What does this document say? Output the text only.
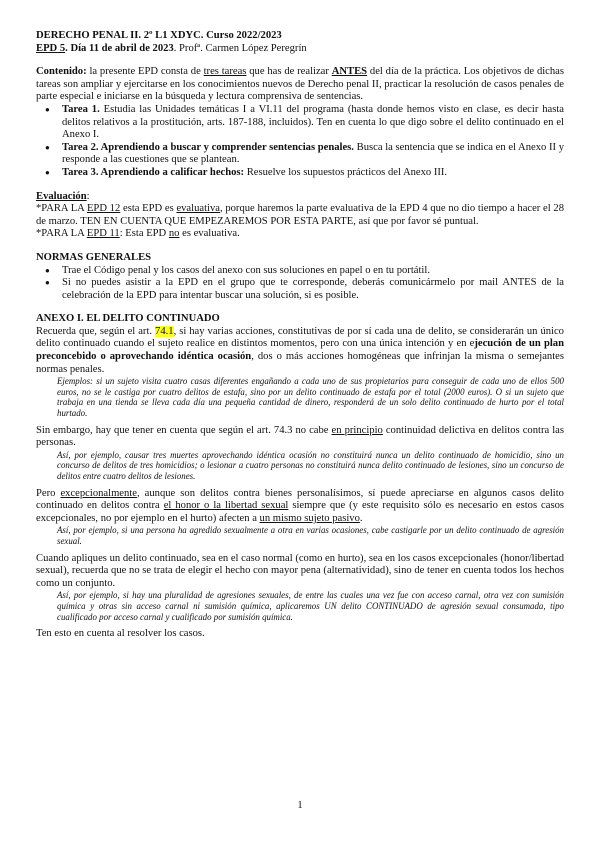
DERECHO PENAL II. 2º L1 XDYC. Curso 2022/2023

EPD 5. Día 11 de abril de 2023. Profª. Carmen López Peregrín

Contenido: la presente EPD consta de tres tareas que has de realizar ANTES del día de la práctica. Los objetivos de dichas tareas son ampliar y ejercitarse en los conocimientos nuevos de Derecho penal II, practicar la resolución de casos penales de parte especial e iniciarse en la búsqueda y lectura comprensiva de sentencias.

● Tarea 1. Estudia las Unidades temáticas I a VI.11 del programa (hasta donde hemos visto en clase, es decir hasta delitos relativos a la prostitución, arts. 187-188, incluidos). Ten en cuenta lo que digo sobre el delito continuado en el Anexo I.
● Tarea 2. Aprendiendo a buscar y comprender sentencias penales. Busca la sentencia que se indica en el Anexo II y responde a las cuestiones que se plantean.
● Tarea 3. Aprendiendo a calificar hechos: Resuelve los supuestos prácticos del Anexo III.

Evaluación:

*PARA LA EPD 12 esta EPD es evaluativa, porque haremos la parte evaluativa de la EPD 4 que no dio tiempo a hacer el 28 de marzo. TEN EN CUENTA QUE EMPEZAREMOS POR ESTA PARTE, así que por favor sé puntual.

*PARA LA EPD 11: Esta EPD no es evaluativa.

NORMAS GENERALES

● Trae el Código penal y los casos del anexo con sus soluciones en papel o en tu portátil.
● Si no puedes asistir a la EPD en el grupo que te corresponde, deberás comunicármelo por mail ANTES de la celebración de la EPD para intentar buscar una solución, si es posible.

ANEXO I. EL DELITO CONTINUADO

Recuerda que, según el art. 74.1, si hay varias acciones, constitutivas de por sí cada una de delito, se considerarán un único delito continuado cuando el sujeto realice en distintos momentos, pero con una única intención y en ejecución de un plan preconcebido o aprovechando idéntica ocasión, dos o más acciones homogéneas que infrinjan la misma o semejantes normas penales.

Ejemplos: si un sujeto visita cuatro casas diferentes engañando a cada uno de sus propietarios para conseguir de cada uno de ellos 500 euros, no se le castiga por cuatro delitos de estafa, sino por un delito continuado de estafa por el total (2000 euros). O si un sujeto que trabaja en una tienda se lleva cada día una pequeña cantidad de dinero, responderá de un solo delito continuado de hurto por el total hurtado.

Sin embargo, hay que tener en cuenta que según el art. 74.3 no cabe en principio continuidad delictiva en delitos contra las personas.

Así, por ejemplo, causar tres muertes aprovechando idéntica ocasión no constituirá nunca un delito continuado de homicidio, sino un concurso de delitos de tres homicidios; o lesionar a cuatro personas no constituirá nunca delito continuado de lesiones, sino un concurso de delitos entre cuatro delitos de lesiones.

Pero excepcionalmente, aunque son delitos contra bienes personalísimos, sí puede apreciarse en algunos casos delito continuado en delitos contra el honor o la libertad sexual siempre que (y este requisito sólo es necesario en estos casos excepcionales, no por ejemplo en el hurto) afecten a un mismo sujeto pasivo.

Así, por ejemplo, si una persona ha agredido sexualmente a otra en varias ocasiones, cabe castigarle por un delito continuado de agresión sexual.

Cuando apliques un delito continuado, sea en el caso normal (como en hurto), sea en los casos excepcionales (honor/libertad sexual), recuerda que no se trata de elegir el hecho con mayor pena (alternatividad), sino de tener en cuenta todos los hechos como un conjunto.

Así, por ejemplo, si hay una pluralidad de agresiones sexuales, de entre las cuales una vez fue con acceso carnal, otra vez con sumisión química y otras sin acceso carnal ni sumisión química, aplicaremos UN delito CONTINUADO de agresión sexual consumada, tipo cualificado por acceso carnal y cualificado por sumisión química.

Ten esto en cuenta al resolver los casos.

1
